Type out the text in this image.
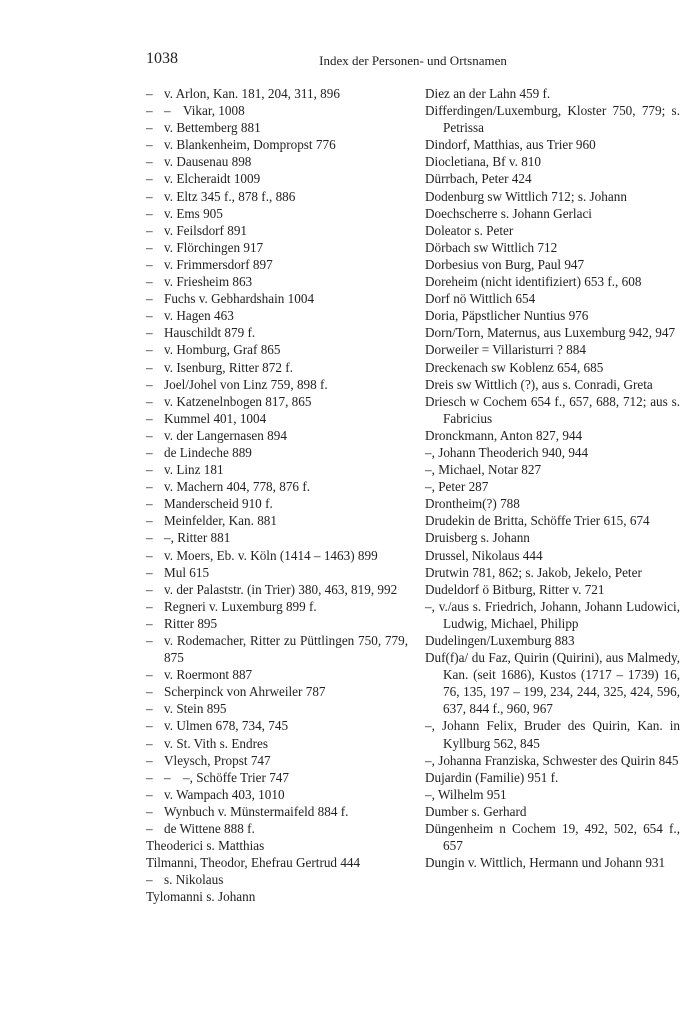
1038	Index der Personen- und Ortsnamen
– v. Arlon, Kan. 181, 204, 311, 896
– – Vikar, 1008
– v. Bettemberg 881
– v. Blankenheim, Dompropst 776
– v. Dausenau 898
– v. Elcheraidt 1009
– v. Eltz 345 f., 878 f., 886
– v. Ems 905
– v. Feilsdorf 891
– v. Flörchingen 917
– v. Frimmersdorf 897
– v. Friesheim 863
– Fuchs v. Gebhardshain 1004
– v. Hagen 463
– Hauschildt 879 f.
– v. Homburg, Graf 865
– v. Isenburg, Ritter 872 f.
– Joel/Johel von Linz 759, 898 f.
– v. Katzenelnbogen 817, 865
– Kummel 401, 1004
– v. der Langernasen 894
– de Lindeche 889
– v. Linz 181
– v. Machern 404, 778, 876 f.
– Manderscheid 910 f.
– Meinfelder, Kan. 881
– –, Ritter 881
– v. Moers, Eb. v. Köln (1414 – 1463) 899
– Mul 615
– v. der Palaststr. (in Trier) 380, 463, 819, 992
– Regneri v. Luxemburg 899 f.
– Ritter 895
– v. Rodemacher, Ritter zu Püttlingen 750, 779, 875
– v. Roermont 887
– Scherpinck von Ahrweiler 787
– v. Stein 895
– v. Ulmen 678, 734, 745
– v. St. Vith s. Endres
– Vleysch, Propst 747
– – –, Schöffe Trier 747
– v. Wampach 403, 1010
– Wynbuch v. Münstermaifeld 884 f.
– de Wittene 888 f.
Theoderici s. Matthias
Tilmanni, Theodor, Ehefrau Gertrud 444
– s. Nikolaus
Tylomanni s. Johann
Diez an der Lahn 459 f.
Differdingen/Luxemburg, Kloster 750, 779; s. Petrissa
Dindorf, Matthias, aus Trier 960
Diocletiana, Bf v. 810
Dürrbach, Peter 424
Dodenburg sw Wittlich 712; s. Johann
Doechscherre s. Johann Gerlaci
Doleator s. Peter
Dörbach sw Wittlich 712
Dorbesius von Burg, Paul 947
Doreheim (nicht identifiziert) 653 f., 608
Dorf nö Wittlich 654
Doria, Päpstlicher Nuntius 976
Dorn/Torn, Maternus, aus Luxemburg 942, 947
Dorweiler = Villaristurri ? 884
Dreckenach sw Koblenz 654, 685
Dreis sw Wittlich (?), aus s. Conradi, Greta
Driesch w Cochem 654 f., 657, 688, 712; aus s. Fabricius
Dronckmann, Anton 827, 944
–, Johann Theoderich 940, 944
–, Michael, Notar 827
–, Peter 287
Drontheim(?) 788
Drudekin de Britta, Schöffe Trier 615, 674
Druisberg s. Johann
Drussel, Nikolaus 444
Drutwin 781, 862; s. Jakob, Jekelo, Peter
Dudeldorf ö Bitburg, Ritter v. 721
–, v./aus s. Friedrich, Johann, Johann Ludowici, Ludwig, Michael, Philipp
Dudelingen/Luxemburg 883
Duf(f)a/ du Faz, Quirin (Quirini), aus Malmedy, Kan. (seit 1686), Kustos (1717 – 1739) 16, 76, 135, 197 – 199, 234, 244, 325, 424, 596, 637, 844 f., 960, 967
–, Johann Felix, Bruder des Quirin, Kan. in Kyllburg 562, 845
–, Johanna Franziska, Schwester des Quirin 845
Dujardin (Familie) 951 f.
–, Wilhelm 951
Dumber s. Gerhard
Düngenheim n Cochem 19, 492, 502, 654 f., 657
Dungin v. Wittlich, Hermann und Johann 931
